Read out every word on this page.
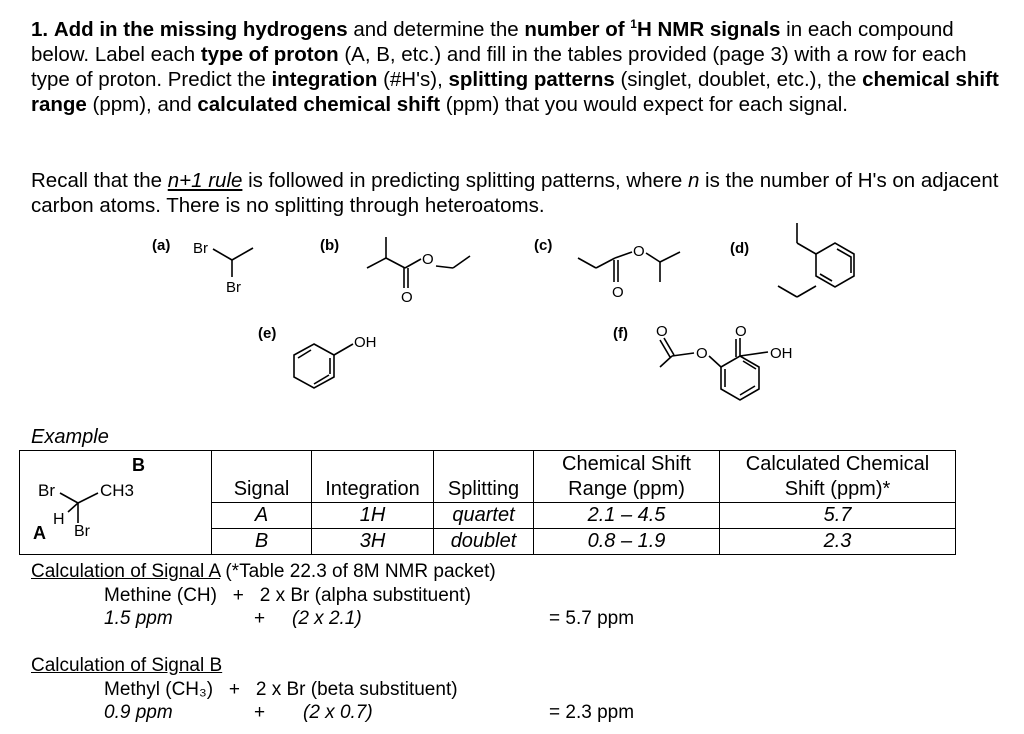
1. Add in the missing hydrogens and determine the number of $^1$H NMR signals in each compound below. Label each type of proton (A, B, etc.) and fill in the tables provided (page 3) with a row for each type of proton. Predict the integration (#H's), splitting patterns (singlet, doublet, etc.), the chemical shift range (ppm), and calculated chemical shift (ppm) that you would expect for each signal.
Recall that the n+1 rule is followed in predicting splitting patterns, where n is the number of H's on adjacent carbon atoms. There is no splitting through heteroatoms.
(a) Br
Br
(b)
O
O
(c)	O
O
(d)
(e)
OH
(f) O
O
O
OH
Example
B
Br	CH3
A
H
Br
	Signal	Integration	Splitting	Chemical Shift
Range (ppm)	Calculated Chemical
Shift (ppm)*
	A	1H	quartet	2.1 – 4.5	5.7
	B	3H	doublet	0.8 – 1.9	2.3
Calculation of Signal A (*Table 22.3 of 8M NMR packet)
Methine (CH)   +   2 x Br (alpha substituent)
1.5 ppm	+ (2 x 2.1)	= 5.7 ppm
Calculation of Signal B
Methyl (CH₃)   +   2 x Br (beta substituent)
0.9 ppm	+ (2 x 0.7)	= 2.3 ppm
